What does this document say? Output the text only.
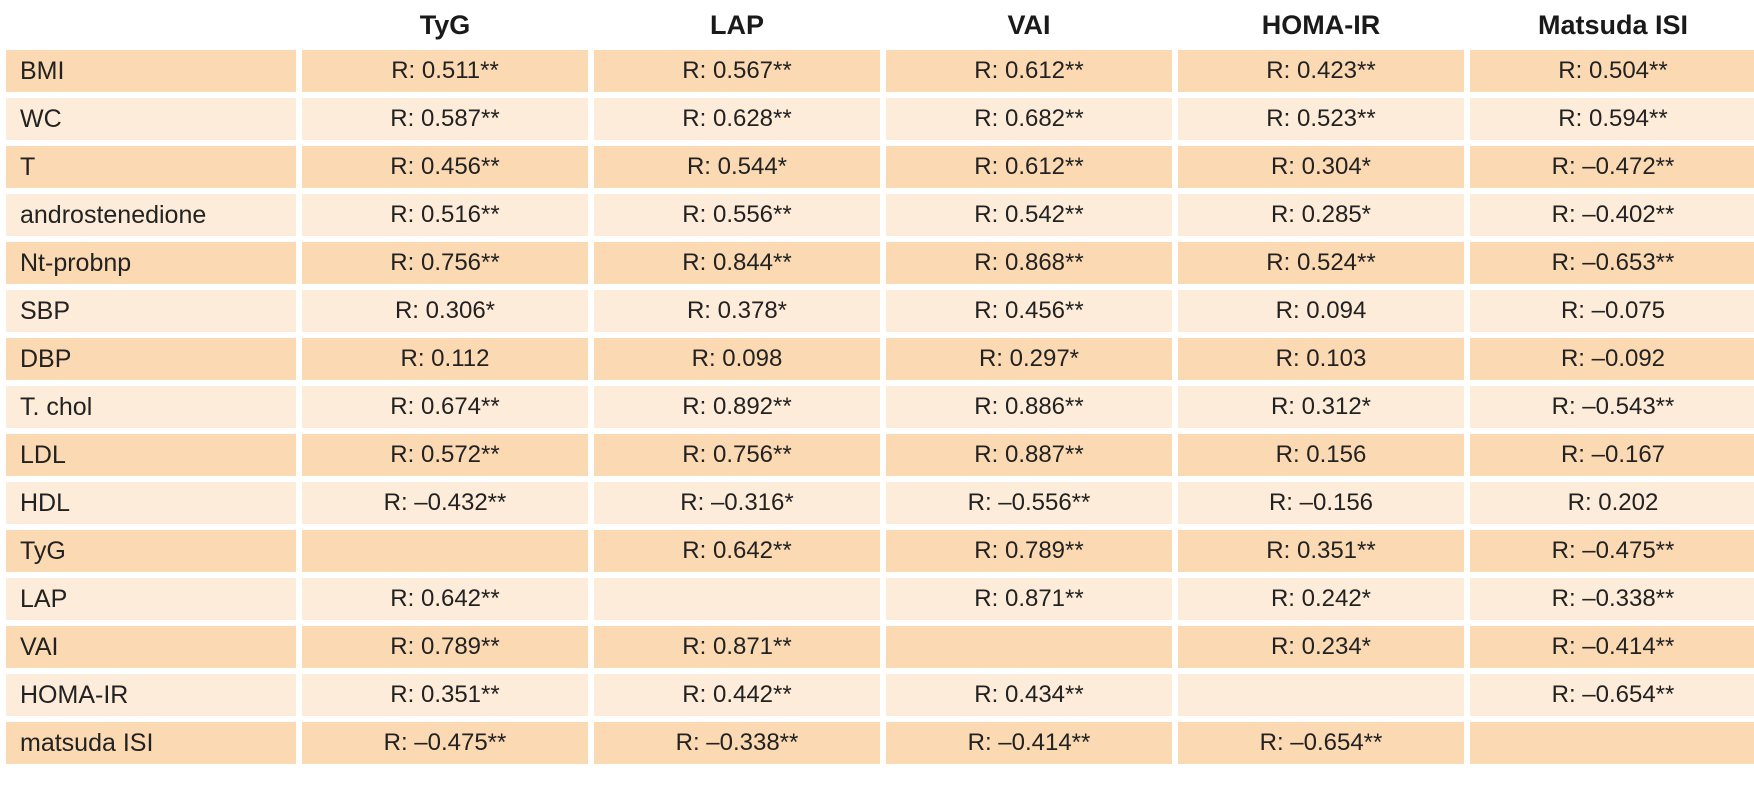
	TyG	LAP	VAI	HOMA-IR	Matsuda ISI
BMI	R: 0.511**	R: 0.567**	R: 0.612**	R: 0.423**	R: 0.504**
WC	R: 0.587**	R: 0.628**	R: 0.682**	R: 0.523**	R: 0.594**
T	R: 0.456**	R: 0.544*	R: 0.612**	R: 0.304*	R: –0.472**
androstenedione	R: 0.516**	R: 0.556**	R: 0.542**	R: 0.285*	R: –0.402**
Nt-probnp	R: 0.756**	R: 0.844**	R: 0.868**	R: 0.524**	R: –0.653**
SBP	R: 0.306*	R: 0.378*	R: 0.456**	R: 0.094	R: –0.075
DBP	R: 0.112	R: 0.098	R: 0.297*	R: 0.103	R: –0.092
T. chol	R: 0.674**	R: 0.892**	R: 0.886**	R: 0.312*	R: –0.543**
LDL	R: 0.572**	R: 0.756**	R: 0.887**	R: 0.156	R: –0.167
HDL	R: –0.432**	R: –0.316*	R: –0.556**	R: –0.156	R: 0.202
TyG		R: 0.642**	R: 0.789**	R: 0.351**	R: –0.475**
LAP	R: 0.642**		R: 0.871**	R: 0.242*	R: –0.338**
VAI	R: 0.789**	R: 0.871**		R: 0.234*	R: –0.414**
HOMA-IR	R: 0.351**	R: 0.442**	R: 0.434**		R: –0.654**
matsuda ISI	R: –0.475**	R: –0.338**	R: –0.414**	R: –0.654**	
